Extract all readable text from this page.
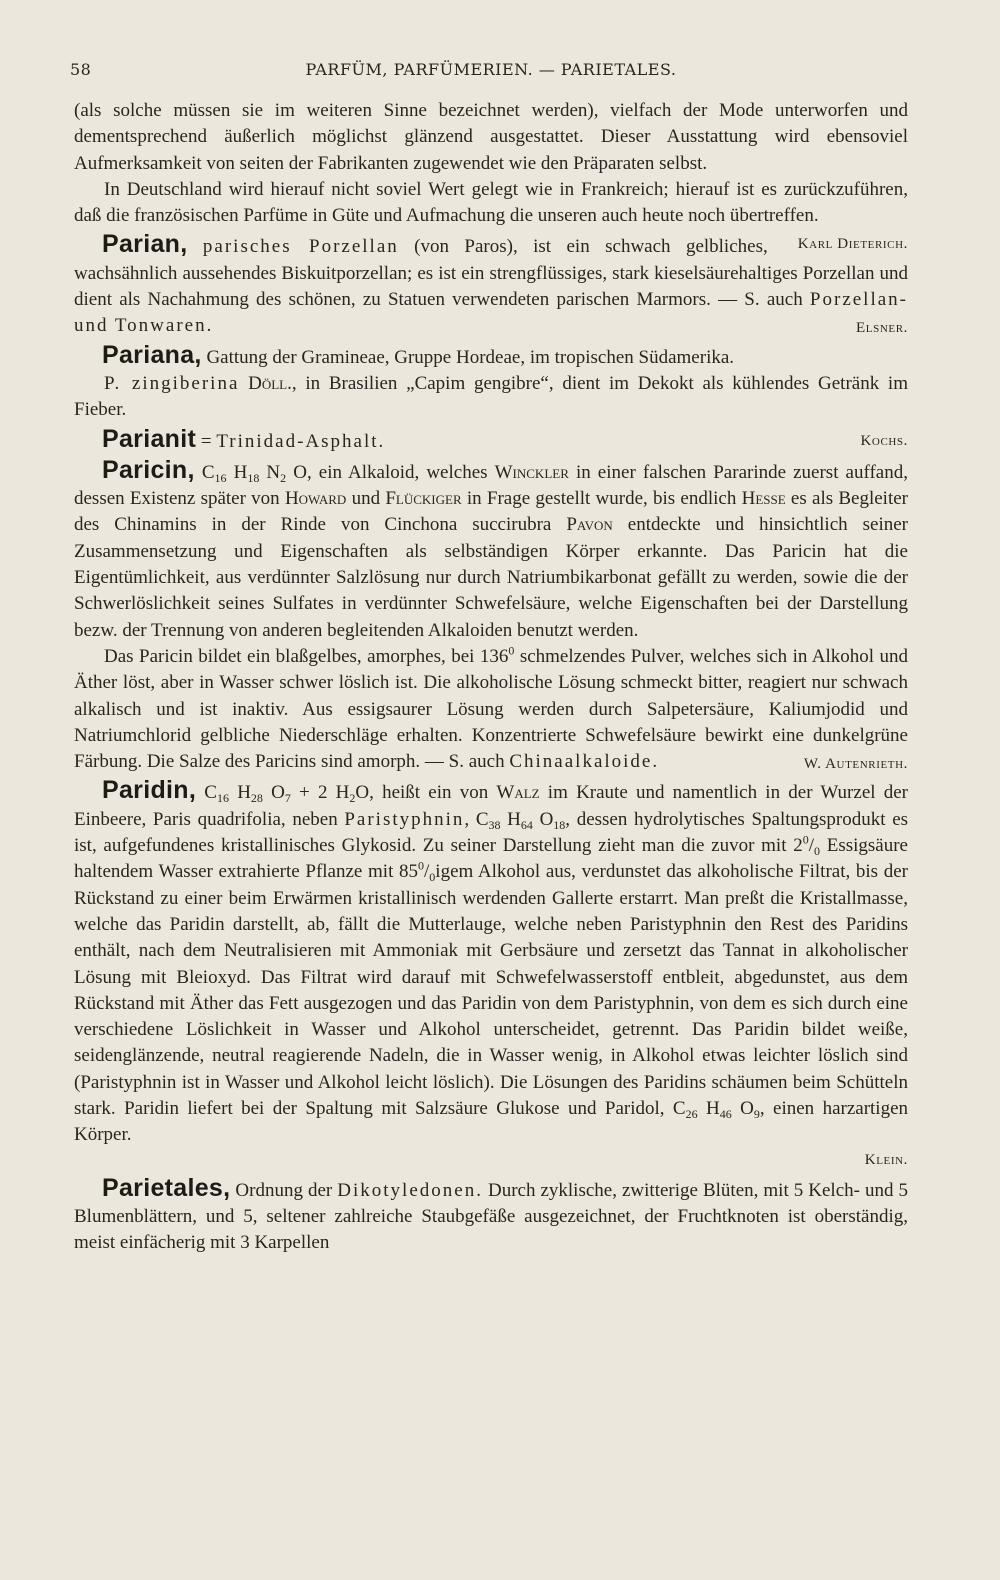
58	PARFÜM, PARFÜMERIEN. — PARIETALES.

(als solche müssen sie im weiteren Sinne bezeichnet werden), vielfach der Mode unterworfen und dementsprechend äußerlich möglichst glänzend ausgestattet. Dieser Ausstattung wird ebensoviel Aufmerksamkeit von seiten der Fabrikanten zugewendet wie den Präparaten selbst.

In Deutschland wird hierauf nicht soviel Wert gelegt wie in Frankreich; hierauf ist es zurückzuführen, daß die französischen Parfüme in Güte und Aufmachung die unseren auch heute noch übertreffen.
Karl Dieterich.

Parian, parisches Porzellan (von Paros), ist ein schwach gelbliches, wachsähnlich aussehendes Biskuitporzellan; es ist ein strengflüssiges, stark kieselsäurehaltiges Porzellan und dient als Nachahmung des schönen, zu Statuen verwendeten parischen Marmors. — S. auch Porzellan- und Tonwaren.	Elsner.

Pariana, Gattung der Gramineae, Gruppe Hordeae, im tropischen Südamerika.

P. zingiberina Döll., in Brasilien „Capim gengibre“, dient im Dekokt als kühlendes Getränk im Fieber.

Parianit = Trinidad-Asphalt.	Kochs.

Paricin, $C_{16}$ $H_{18}$ $N_2$ O, ein Alkaloid, welches Winckler in einer falschen Pararinde zuerst auffand, dessen Existenz später von Howard und Flückiger in Frage gestellt wurde, bis endlich Hesse es als Begleiter des Chinamins in der Rinde von Cinchona succirubra Pavon entdeckte und hinsichtlich seiner Zusammensetzung und Eigenschaften als selbständigen Körper erkannte. Das Paricin hat die Eigentümlichkeit, aus verdünnter Salzlösung nur durch Natriumbikarbonat gefällt zu werden, sowie die der Schwerlöslichkeit seines Sulfates in verdünnter Schwefelsäure, welche Eigenschaften bei der Darstellung bezw. der Trennung von anderen begleitenden Alkaloiden benutzt werden.

Das Paricin bildet ein blaßgelbes, amorphes, bei $136^0$ schmelzendes Pulver, welches sich in Alkohol und Äther löst, aber in Wasser schwer löslich ist. Die alkoholische Lösung schmeckt bitter, reagiert nur schwach alkalisch und ist inaktiv. Aus essigsaurer Lösung werden durch Salpetersäure, Kaliumjodid und Natriumchlorid gelbliche Niederschläge erhalten. Konzentrierte Schwefelsäure bewirkt eine dunkelgrüne Färbung. Die Salze des Paricins sind amorph. — S. auch Chinaalkaloide.	W. Autenrieth.

Paridin, $C_{16}$ $H_{28}$ $O_7 + 2$ $H_2O$, heißt ein von Walz im Kraute und namentlich in der Wurzel der Einbeere, Paris quadrifolia, neben Paristyphnin, $C_{38}$ $H_{64}$ $O_{18}$, dessen hydrolytisches Spaltungsprodukt es ist, aufgefundenes kristallinisches Glykosid. Zu seiner Darstellung zieht man die zuvor mit $2^0/_0$ Essigsäure haltendem Wasser extrahierte Pflanze mit $85^0/_0igem$ Alkohol aus, verdunstet das alkoholische Filtrat, bis der Rückstand zu einer beim Erwärmen kristallinisch werdenden Gallerte erstarrt. Man preßt die Kristallmasse, welche das Paridin darstellt, ab, fällt die Mutterlauge, welche neben Paristyphnin den Rest des Paridins enthält, nach dem Neutralisieren mit Ammoniak mit Gerbsäure und zersetzt das Tannat in alkoholischer Lösung mit Bleioxyd. Das Filtrat wird darauf mit Schwefelwasserstoff entbleit, abgedunstet, aus dem Rückstand mit Äther das Fett ausgezogen und das Paridin von dem Paristyphnin, von dem es sich durch eine verschiedene Löslichkeit in Wasser und Alkohol unterscheidet, getrennt. Das Paridin bildet weiße, seidenglänzende, neutral reagierende Nadeln, die in Wasser wenig, in Alkohol etwas leichter löslich sind (Paristyphnin ist in Wasser und Alkohol leicht löslich). Die Lösungen des Paridins schäumen beim Schütteln stark. Paridin liefert bei der Spaltung mit Salzsäure Glukose und Paridol, $C_{26}$ $H_{46}$ $O_9$, einen harzartigen Körper.

Klein.

Parietales, Ordnung der Dikotyledonen. Durch zyklische, zwitterige Blüten, mit 5 Kelch- und 5 Blumenblättern, und 5, seltener zahlreiche Staubgefäße ausgezeichnet, der Fruchtknoten ist oberständig, meist einfächerig mit 3 Karpellen
